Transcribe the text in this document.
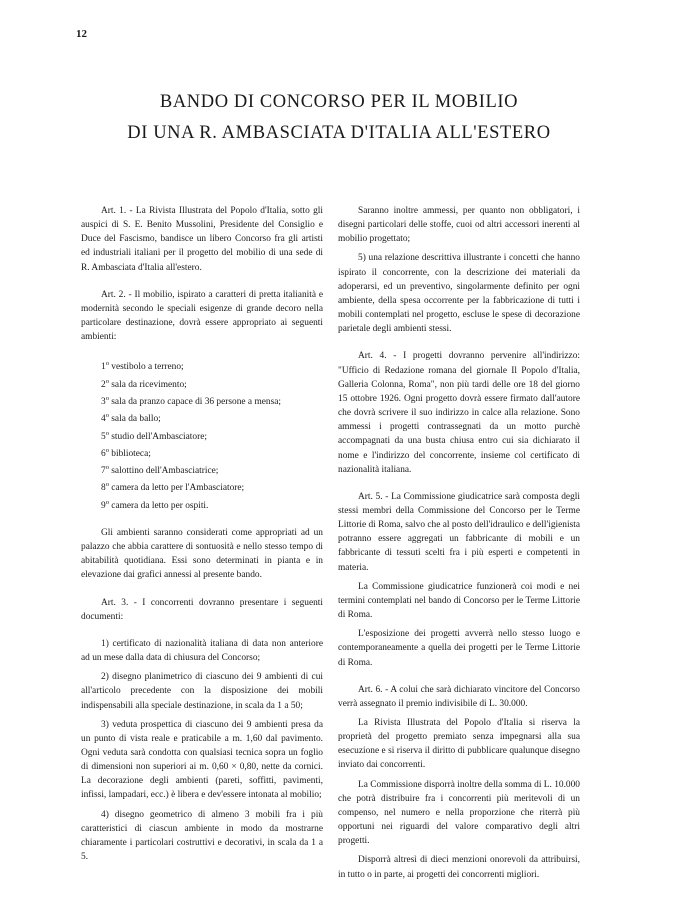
12
BANDO DI CONCORSO PER IL MOBILIO
DI UNA R. AMBASCIATA D'ITALIA ALL'ESTERO

Art. 1. - La Rivista Illustrata del Popolo d'Italia, sotto gli auspici di S. E. Benito Mussolini, Presidente del Consiglio e Duce del Fascismo, bandisce un libero Concorso fra gli artisti ed industriali italiani per il progetto del mobilio di una sede di R. Ambasciata d'Italia all'estero.

Art. 2. - Il mobilio, ispirato a caratteri di pretta italianità e modernità secondo le speciali esigenze di grande decoro nella particolare destinazione, dovrà essere appropriato ai seguenti ambienti:

1$^o$ vestibolo a terreno;
2$^o$ sala da ricevimento;
3$^o$ sala da pranzo capace di 36 persone a mensa;
4$^o$ sala da ballo;
5$^o$ studio dell'Ambasciatore;
6$^o$ biblioteca;
7$^o$ salottino dell'Ambasciatrice;
8$^o$ camera da letto per l'Ambasciatore;
9$^o$ camera da letto per ospiti.

Gli ambienti saranno considerati come appropriati ad un palazzo che abbia carattere di sontuosità e nello stesso tempo di abitabilità quotidiana. Essi sono determinati in pianta e in elevazione dai grafici annessi al presente bando.

Art. 3. - I concorrenti dovranno presentare i seguenti documenti:

1) certificato di nazionalità italiana di data non anteriore ad un mese dalla data di chiusura del Concorso;

2) disegno planimetrico di ciascuno dei 9 ambienti di cui all'articolo precedente con la disposizione dei mobili indispensabili alla speciale destinazione, in scala da 1 a 50;

3) veduta prospettica di ciascuno dei 9 ambienti presa da un punto di vista reale e praticabile a m. 1,60 dal pavimento. Ogni veduta sarà condotta con qualsiasi tecnica sopra un foglio di dimensioni non superiori ai m. 0,60 × 0,80, nette da cornici. La decorazione degli ambienti (pareti, soffitti, pavimenti, infissi, lampadari, ecc.) è libera e dev'essere intonata al mobilio;

4) disegno geometrico di almeno 3 mobili fra i più caratteristici di ciascun ambiente in modo da mostrarne chiaramente i particolari costruttivi e decorativi, in scala da 1 a 5.

Saranno inoltre ammessi, per quanto non obbligatori, i disegni particolari delle stoffe, cuoi od altri accessori inerenti al mobilio progettato;

5) una relazione descrittiva illustrante i concetti che hanno ispirato il concorrente, con la descrizione dei materiali da adoperarsi, ed un preventivo, singolarmente definito per ogni ambiente, della spesa occorrente per la fabbricazione di tutti i mobili contemplati nel progetto, escluse le spese di decorazione parietale degli ambienti stessi.

Art. 4. - I progetti dovranno pervenire all'indirizzo: "Ufficio di Redazione romana del giornale Il Popolo d'Italia, Galleria Colonna, Roma", non più tardi delle ore 18 del giorno 15 ottobre 1926. Ogni progetto dovrà essere firmato dall'autore che dovrà scrivere il suo indirizzo in calce alla relazione. Sono ammessi i progetti contrassegnati da un motto purchè accompagnati da una busta chiusa entro cui sia dichiarato il nome e l'indirizzo del concorrente, insieme col certificato di nazionalità italiana.

Art. 5. - La Commissione giudicatrice sarà composta degli stessi membri della Commissione del Concorso per le Terme Littorie di Roma, salvo che al posto dell'idraulico e dell'igienista potranno essere aggregati un fabbricante di mobili e un fabbricante di tessuti scelti fra i più esperti e competenti in materia.

La Commissione giudicatrice funzionerà coi modi e nei termini contemplati nel bando di Concorso per le Terme Littorie di Roma.

L'esposizione dei progetti avverrà nello stesso luogo e contemporaneamente a quella dei progetti per le Terme Littorie di Roma.

Art. 6. - A colui che sarà dichiarato vincitore del Concorso verrà assegnato il premio indivisibile di L. 30.000.

La Rivista Illustrata del Popolo d'Italia si riserva la proprietà del progetto premiato senza impegnarsi alla sua esecuzione e si riserva il diritto di pubblicare qualunque disegno inviato dai concorrenti.

La Commissione disporrà inoltre della somma di L. 10.000 che potrà distribuire fra i concorrenti più meritevoli di un compenso, nel numero e nella proporzione che riterrà più opportuni nei riguardi del valore comparativo degli altri progetti.

Disporrà altresì di dieci menzioni onorevoli da attribuirsi, in tutto o in parte, ai progetti dei concorrenti migliori.
